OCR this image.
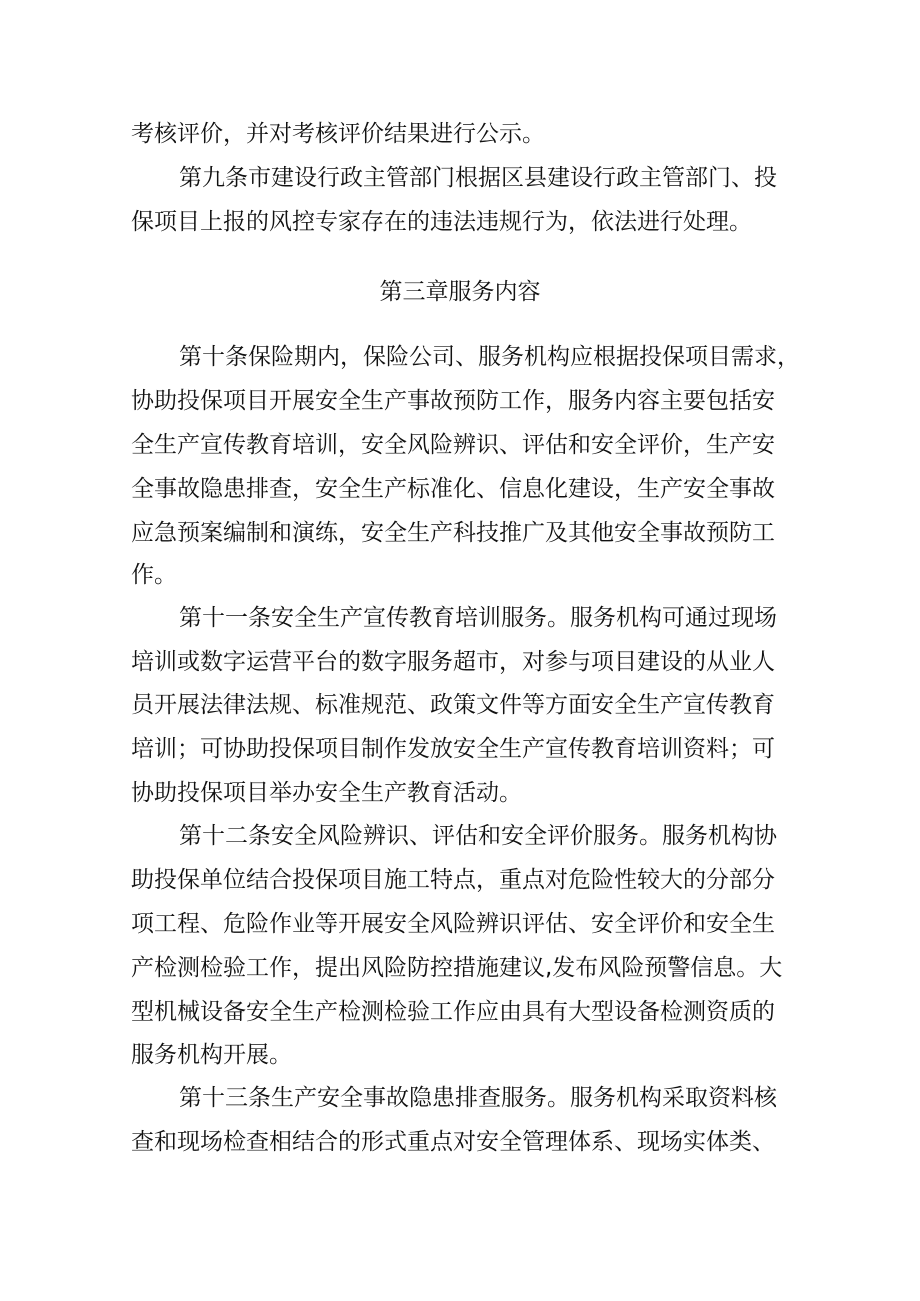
考核评价，并对考核评价结果进行公示。
第九条市建设行政主管部门根据区县建设行政主管部门、投
保项目上报的风控专家存在的违法违规行为，依法进行处理。
第三章服务内容
第十条保险期内，保险公司、服务机构应根据投保项目需求，
协助投保项目开展安全生产事故预防工作，服务内容主要包括安
全生产宣传教育培训，安全风险辨识、评估和安全评价，生产安
全事故隐患排查，安全生产标准化、信息化建设，生产安全事故
应急预案编制和演练，安全生产科技推广及其他安全事故预防工
作。
第十一条安全生产宣传教育培训服务。服务机构可通过现场
培训或数字运营平台的数字服务超市，对参与项目建设的从业人
员开展法律法规、标准规范、政策文件等方面安全生产宣传教育
培训；可协助投保项目制作发放安全生产宣传教育培训资料；可
协助投保项目举办安全生产教育活动。
第十二条安全风险辨识、评估和安全评价服务。服务机构协
助投保单位结合投保项目施工特点，重点对危险性较大的分部分
项工程、危险作业等开展安全风险辨识评估、安全评价和安全生
产检测检验工作，提出风险防控措施建议,发布风险预警信息。大
型机械设备安全生产检测检验工作应由具有大型设备检测资质的
服务机构开展。
第十三条生产安全事故隐患排查服务。服务机构采取资料核
查和现场检查相结合的形式重点对安全管理体系、现场实体类、
